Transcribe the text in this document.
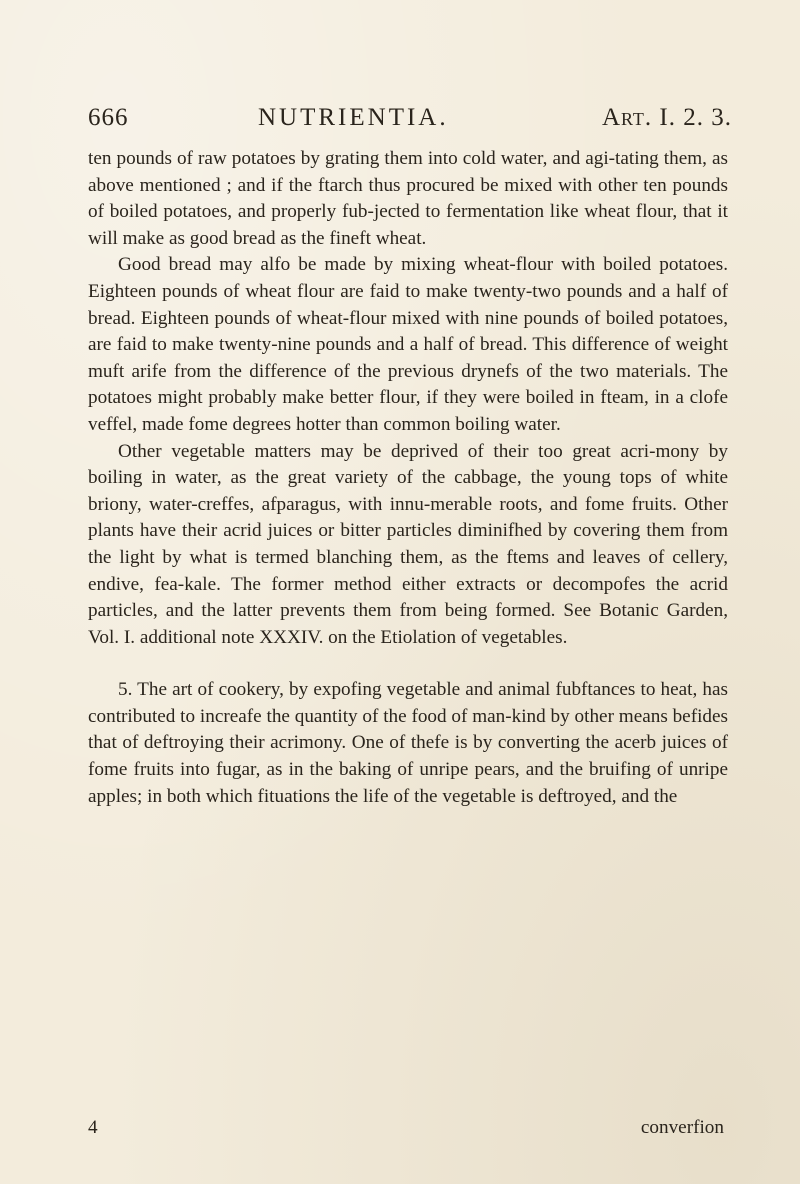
666	NUTRIENTIA.	Art. I. 2. 3.

ten pounds of raw potatoes by grating them into cold water, and agi-tating them, as above mentioned ; and if the ftarch thus procured be mixed with other ten pounds of boiled potatoes, and properly fub-jected to fermentation like wheat flour, that it will make as good bread as the fineft wheat.

Good bread may alfo be made by mixing wheat-flour with boiled potatoes. Eighteen pounds of wheat flour are faid to make twenty-two pounds and a half of bread. Eighteen pounds of wheat-flour mixed with nine pounds of boiled potatoes, are faid to make twenty-nine pounds and a half of bread. This difference of weight muft arife from the difference of the previous drynefs of the two materials. The potatoes might probably make better flour, if they were boiled in fteam, in a clofe veffel, made fome degrees hotter than common boiling water.

Other vegetable matters may be deprived of their too great acri-mony by boiling in water, as the great variety of the cabbage, the young tops of white briony, water-creffes, afparagus, with innu-merable roots, and fome fruits. Other plants have their acrid juices or bitter particles diminifhed by covering them from the light by what is termed blanching them, as the ftems and leaves of cellery, endive, fea-kale. The former method either extracts or decompofes the acrid particles, and the latter prevents them from being formed. See Botanic Garden, Vol. I. additional note XXXIV. on the Etiolation of vegetables.

5. The art of cookery, by expofing vegetable and animal fubftances to heat, has contributed to increafe the quantity of the food of man-kind by other means befides that of deftroying their acrimony. One of thefe is by converting the acerb juices of fome fruits into fugar, as in the baking of unripe pears, and the bruifing of unripe apples; in both which fituations the life of the vegetable is deftroyed, and the

4	converfion
